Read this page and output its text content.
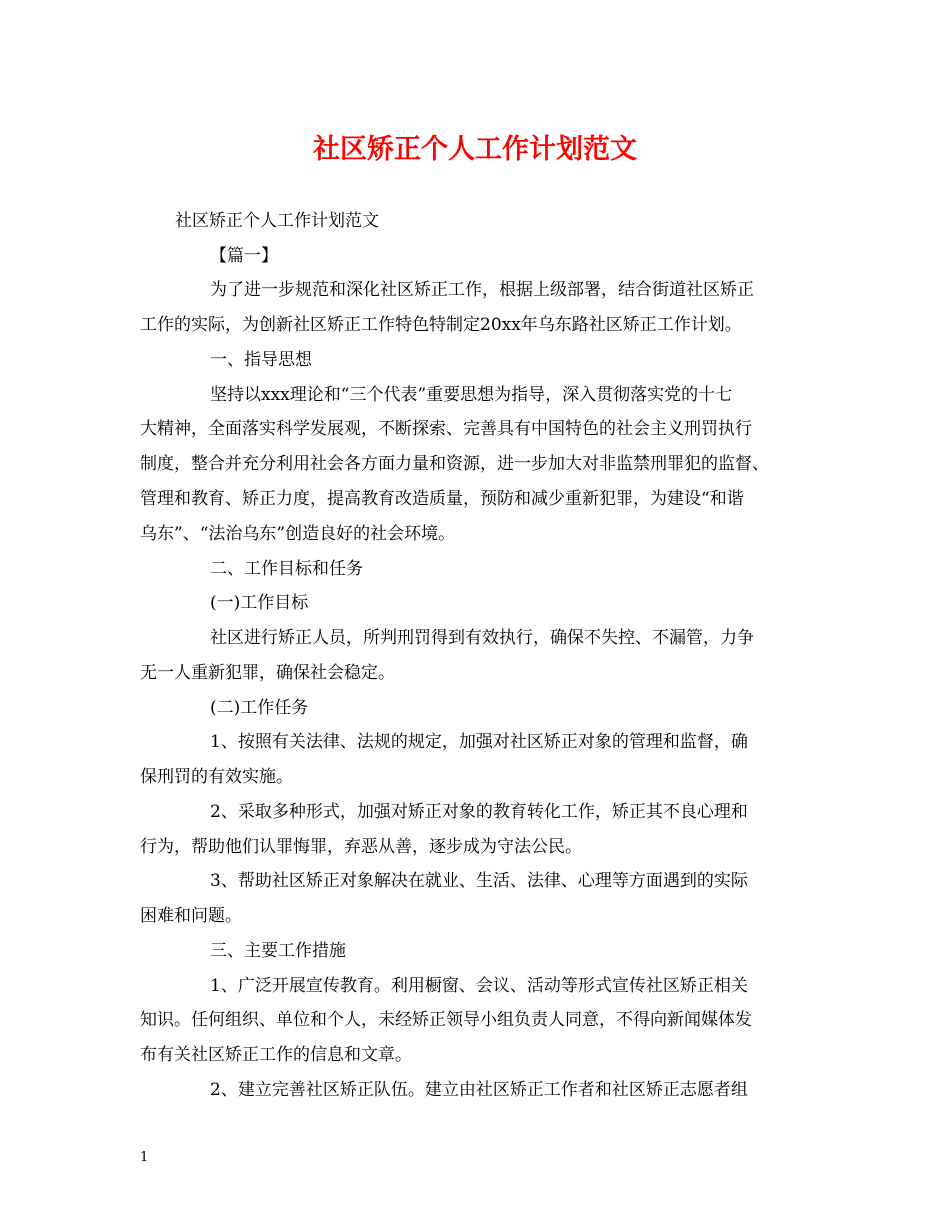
社区矫正个人工作计划范文
社区矫正个人工作计划范文
【篇一】
为了进一步规范和深化社区矫正工作，根据上级部署，结合街道社区矫正
工作的实际，为创新社区矫正工作特色特制定20xx年乌东路社区矫正工作计划。
一、指导思想
坚持以xxx理论和“三个代表”重要思想为指导，深入贯彻落实党的十七
大精神，全面落实科学发展观，不断探索、完善具有中国特色的社会主义刑罚执行
制度，整合并充分利用社会各方面力量和资源，进一步加大对非监禁刑罪犯的监督、
管理和教育、矫正力度，提高教育改造质量，预防和减少重新犯罪，为建设“和谐
乌东”、“法治乌东”创造良好的社会环境。
二、工作目标和任务
(一)工作目标
社区进行矫正人员，所判刑罚得到有效执行，确保不失控、不漏管，力争
无一人重新犯罪，确保社会稳定。
(二)工作任务
1、按照有关法律、法规的规定，加强对社区矫正对象的管理和监督，确
保刑罚的有效实施。
2、采取多种形式，加强对矫正对象的教育转化工作，矫正其不良心理和
行为，帮助他们认罪悔罪，弃恶从善，逐步成为守法公民。
3、帮助社区矫正对象解决在就业、生活、法律、心理等方面遇到的实际
困难和问题。
三、主要工作措施
1、广泛开展宣传教育。利用橱窗、会议、活动等形式宣传社区矫正相关
知识。任何组织、单位和个人，未经矫正领导小组负责人同意，不得向新闻媒体发
布有关社区矫正工作的信息和文章。
2、建立完善社区矫正队伍。建立由社区矫正工作者和社区矫正志愿者组
1
